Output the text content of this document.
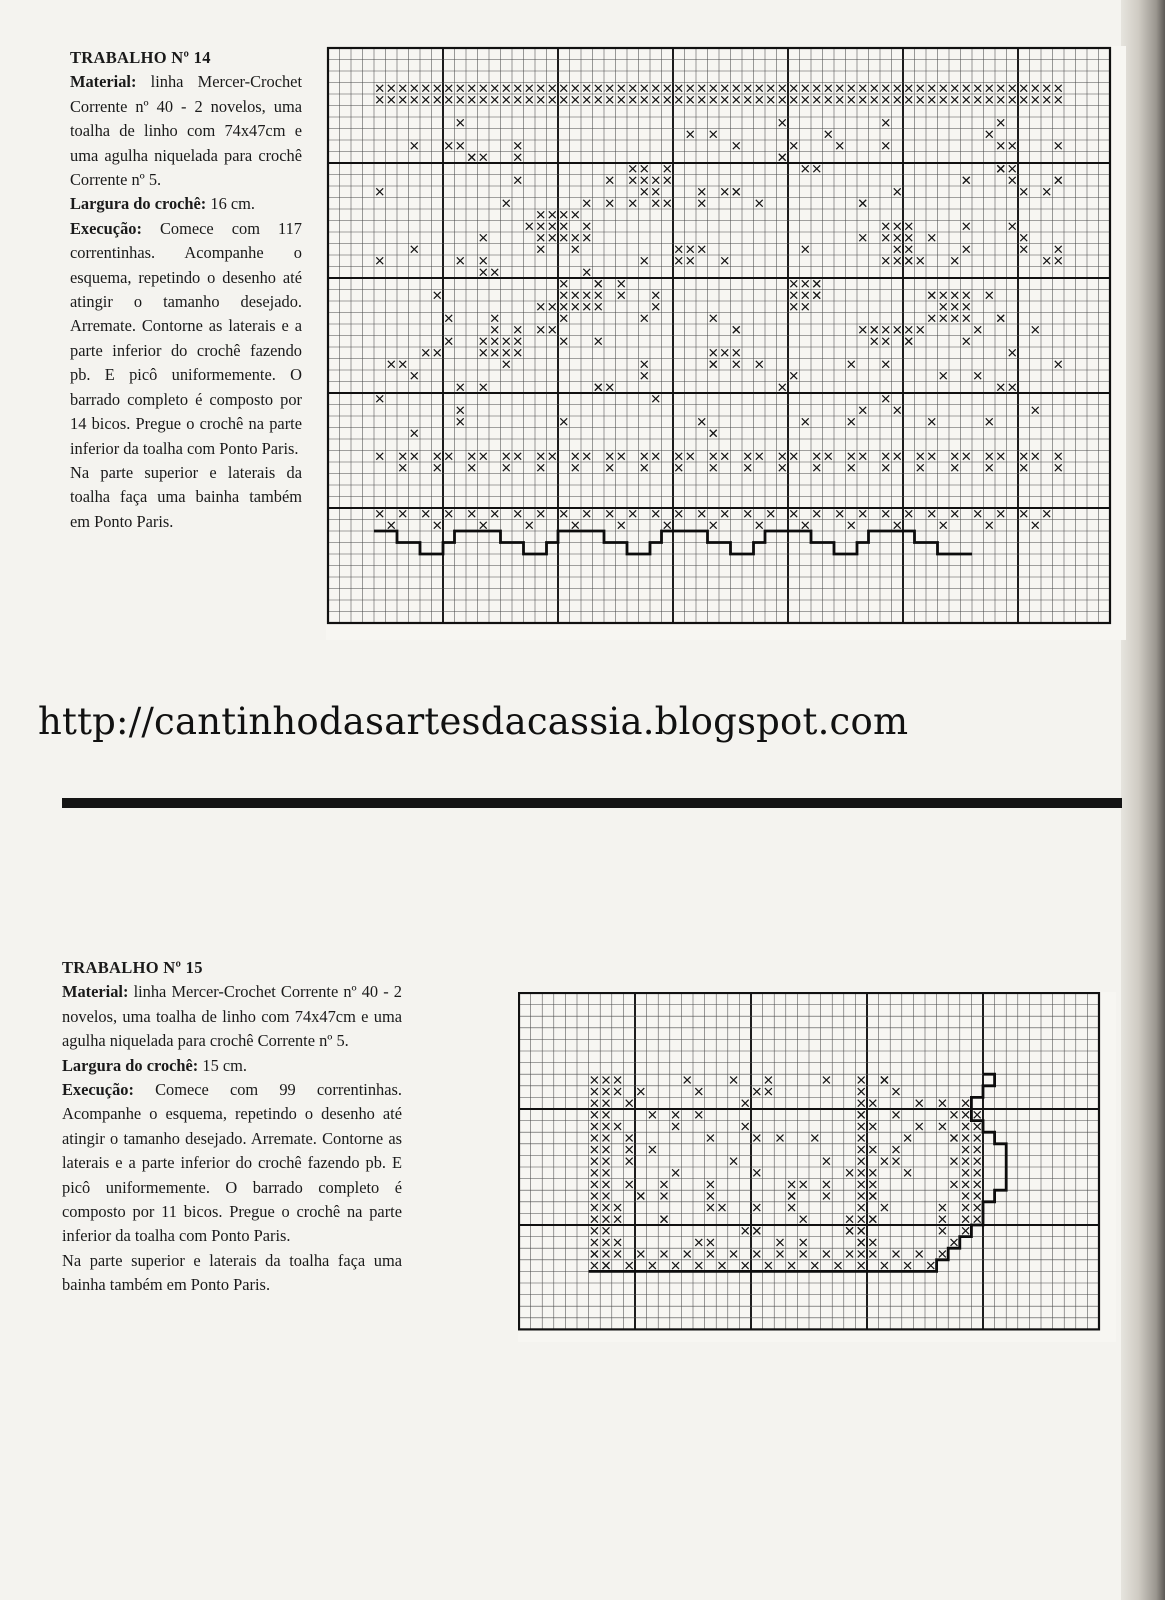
TRABALHO Nº 14

Material: linha Mercer-Crochet Corrente nº 40 - 2 novelos, uma toalha de linho com 74x47cm e uma agulha niquelada para crochê Corrente nº 5.

Largura do crochê: 16 cm.

Execução: Comece com 117 correntinhas. Acompanhe o esquema, repetindo o desenho até atingir o tamanho desejado. Arremate. Contorne as laterais e a parte inferior do crochê fazendo pb. E picô uniformemente. O barrado completo é composto por 14 bicos. Pregue o crochê na parte inferior da toalha com Ponto Paris.

Na parte superior e laterais da toalha faça uma bainha também em Ponto Paris.

http://cantinhodasartesdacassia.blogspot.com
TRABALHO Nº 15

Material: linha Mercer-Crochet Corrente nº 40 - 2 novelos, uma toalha de linho com 74x47cm e uma agulha niquelada para crochê Corrente nº 5.

Largura do crochê: 15 cm.

Execução: Comece com 99 correntinhas. Acompanhe o esquema, repetindo o desenho até atingir o tamanho desejado. Arremate. Contorne as laterais e a parte inferior do crochê fazendo pb. E picô uniformemente. O barrado completo é composto por 11 bicos. Pregue o crochê na parte inferior da toalha com Ponto Paris.

Na parte superior e laterais da toalha faça uma bainha também em Ponto Paris.
